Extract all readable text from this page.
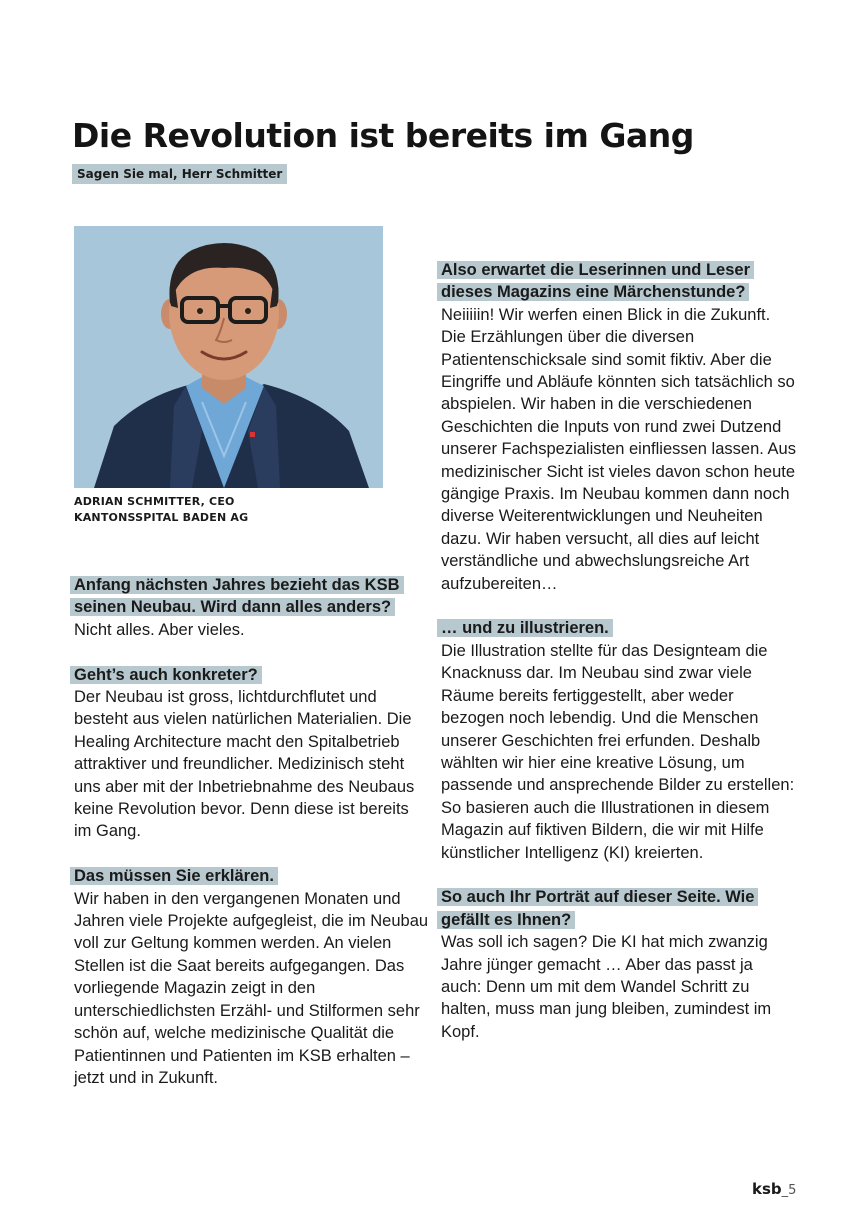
Die Revolution ist bereits im Gang
Sagen Sie mal, Herr Schmitter
ADRIAN SCHMITTER, CEO
KANTONSSPITAL BADEN AG
Anfang nächsten Jahres bezieht das KSB seinen Neubau. Wird dann alles anders?
Nicht alles. Aber vieles.
Geht’s auch konkreter?
Der Neubau ist gross, lichtdurchflutet und besteht aus vielen natürlichen Materialien. Die Healing Architecture macht den Spitalbetrieb attraktiver und freundlicher. Medizinisch steht uns aber mit der Inbetriebnahme des Neubaus keine Revolution bevor. Denn diese ist bereits im Gang.
Das müssen Sie erklären.
Wir haben in den vergangenen Monaten und Jahren viele Projekte aufgegleist, die im Neubau voll zur Geltung kommen werden. An vielen Stellen ist die Saat bereits aufgegangen. Das vorliegende Magazin zeigt in den unterschiedlichsten Erzähl- und Stilformen sehr schön auf, welche medizinische Qualität die Patientinnen und Patienten im KSB erhalten – jetzt und in Zukunft.
Also erwartet die Leserinnen und Leser dieses Magazins eine Märchenstunde?
Neiiiiin! Wir werfen einen Blick in die Zukunft. Die Erzählungen über die diversen Patientenschicksale sind somit fiktiv. Aber die Eingriffe und Abläufe könnten sich tatsächlich so abspielen. Wir haben in die verschiedenen Geschichten die Inputs von rund zwei Dutzend unserer Fachspezialisten einfliessen lassen. Aus medizinischer Sicht ist vieles davon schon heute gängige Praxis. Im Neubau kommen dann noch diverse Weiterentwicklungen und Neuheiten dazu. Wir haben versucht, all dies auf leicht verständliche und abwechslungsreiche Art aufzubereiten…
… und zu illustrieren.
Die Illustration stellte für das Designteam die Knacknuss dar. Im Neubau sind zwar viele Räume bereits fertiggestellt, aber weder bezogen noch lebendig. Und die Menschen unserer Geschichten frei erfunden. Deshalb wählten wir hier eine kreative Lösung, um passende und ansprechende Bilder zu erstellen: So basieren auch die Illustrationen in diesem Magazin auf fiktiven Bildern, die wir mit Hilfe künstlicher Intelligenz (KI) kreierten.
So auch Ihr Porträt auf dieser Seite. Wie gefällt es Ihnen?
Was soll ich sagen? Die KI hat mich zwanzig Jahre jünger gemacht … Aber das passt ja auch: Denn um mit dem Wandel Schritt zu halten, muss man jung bleiben, zumindest im Kopf.
ksb_5
